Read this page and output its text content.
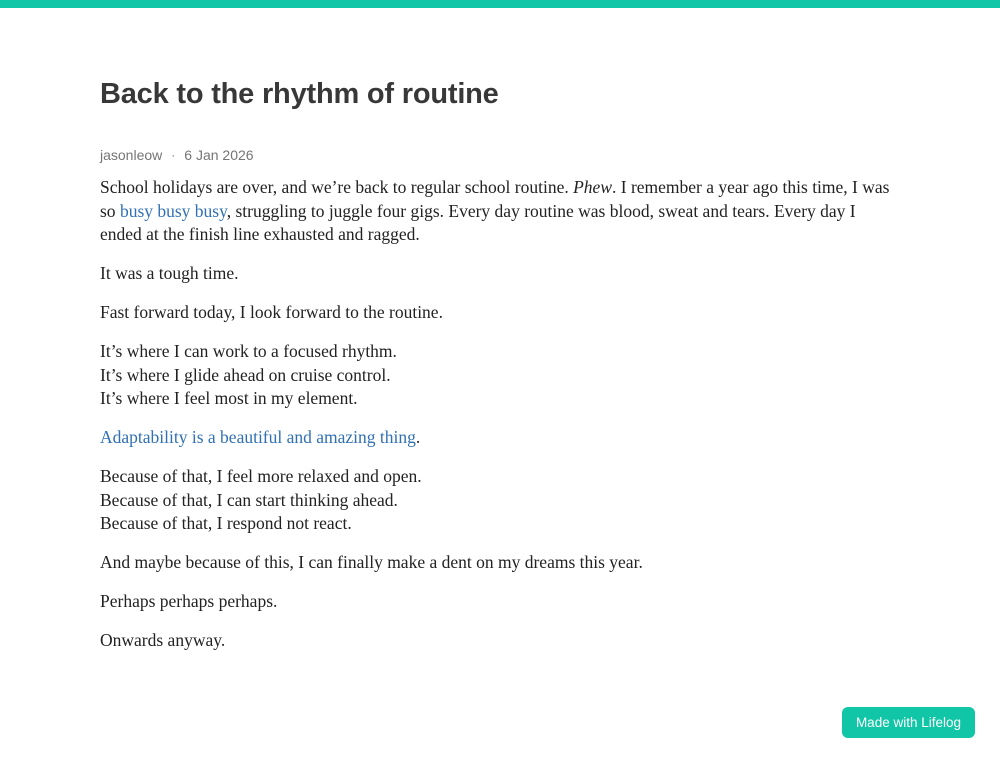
Back to the rhythm of routine
jasonleow · 6 Jan 2026

School holidays are over, and we’re back to regular school routine. Phew. I remember a year ago this time, I was so busy busy busy, struggling to juggle four gigs. Every day routine was blood, sweat and tears. Every day I ended at the finish line exhausted and ragged.

It was a tough time.

Fast forward today, I look forward to the routine.

It’s where I can work to a focused rhythm.
It’s where I glide ahead on cruise control.
It’s where I feel most in my element.

Adaptability is a beautiful and amazing thing.

Because of that, I feel more relaxed and open.
Because of that, I can start thinking ahead.
Because of that, I respond not react.

And maybe because of this, I can finally make a dent on my dreams this year.

Perhaps perhaps perhaps.

Onwards anyway.

Made with Lifelog
